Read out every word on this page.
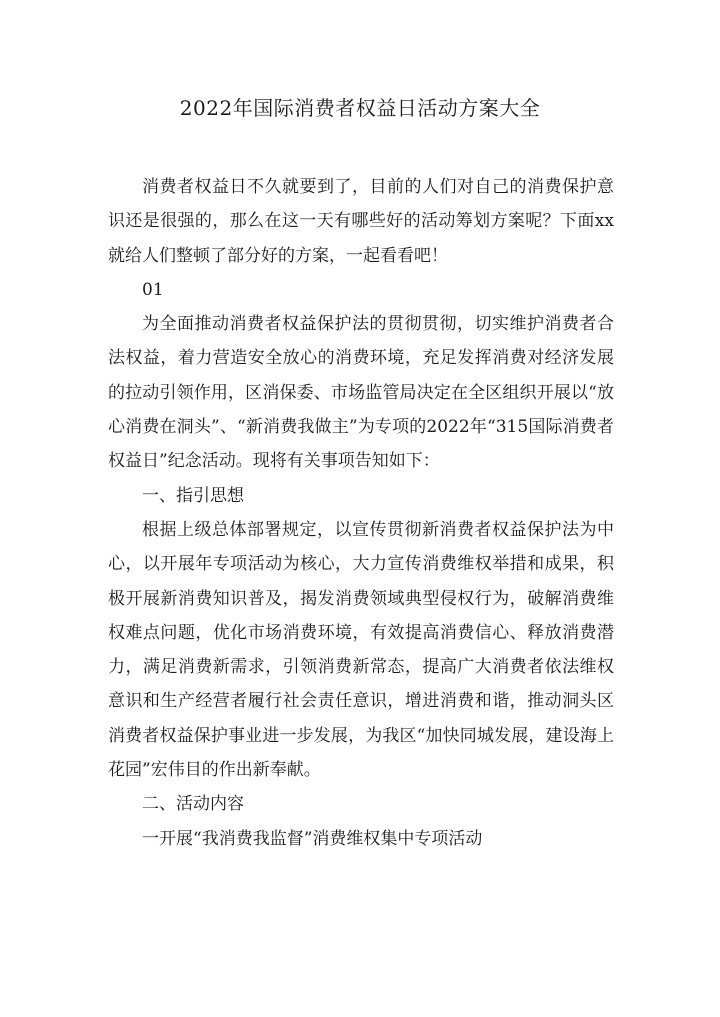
2022年国际消费者权益日活动方案大全

消费者权益日不久就要到了，目前的人们对自己的消费保护意识还是很强的，那么在这一天有哪些好的活动筹划方案呢？下面xx就给人们整顿了部分好的方案，一起看看吧！

01

为全面推动消费者权益保护法的贯彻贯彻，切实维护消费者合法权益，着力营造安全放心的消费环境，充足发挥消费对经济发展的拉动引领作用，区消保委、市场监管局决定在全区组织开展以“放心消费在洞头”、“新消费我做主”为专项的2022年“315国际消费者权益日”纪念活动。现将有关事项告知如下：

一、指引思想

根据上级总体部署规定，以宣传贯彻新消费者权益保护法为中心，以开展年专项活动为核心，大力宣传消费维权举措和成果，积极开展新消费知识普及，揭发消费领域典型侵权行为，破解消费维权难点问题，优化市场消费环境，有效提高消费信心、释放消费潜力，满足消费新需求，引领消费新常态，提高广大消费者依法维权意识和生产经营者履行社会责任意识，增进消费和谐，推动洞头区消费者权益保护事业进一步发展，为我区“加快同城发展，建设海上花园”宏伟目的作出新奉献。

二、活动内容

一开展“我消费我监督”消费维权集中专项活动
